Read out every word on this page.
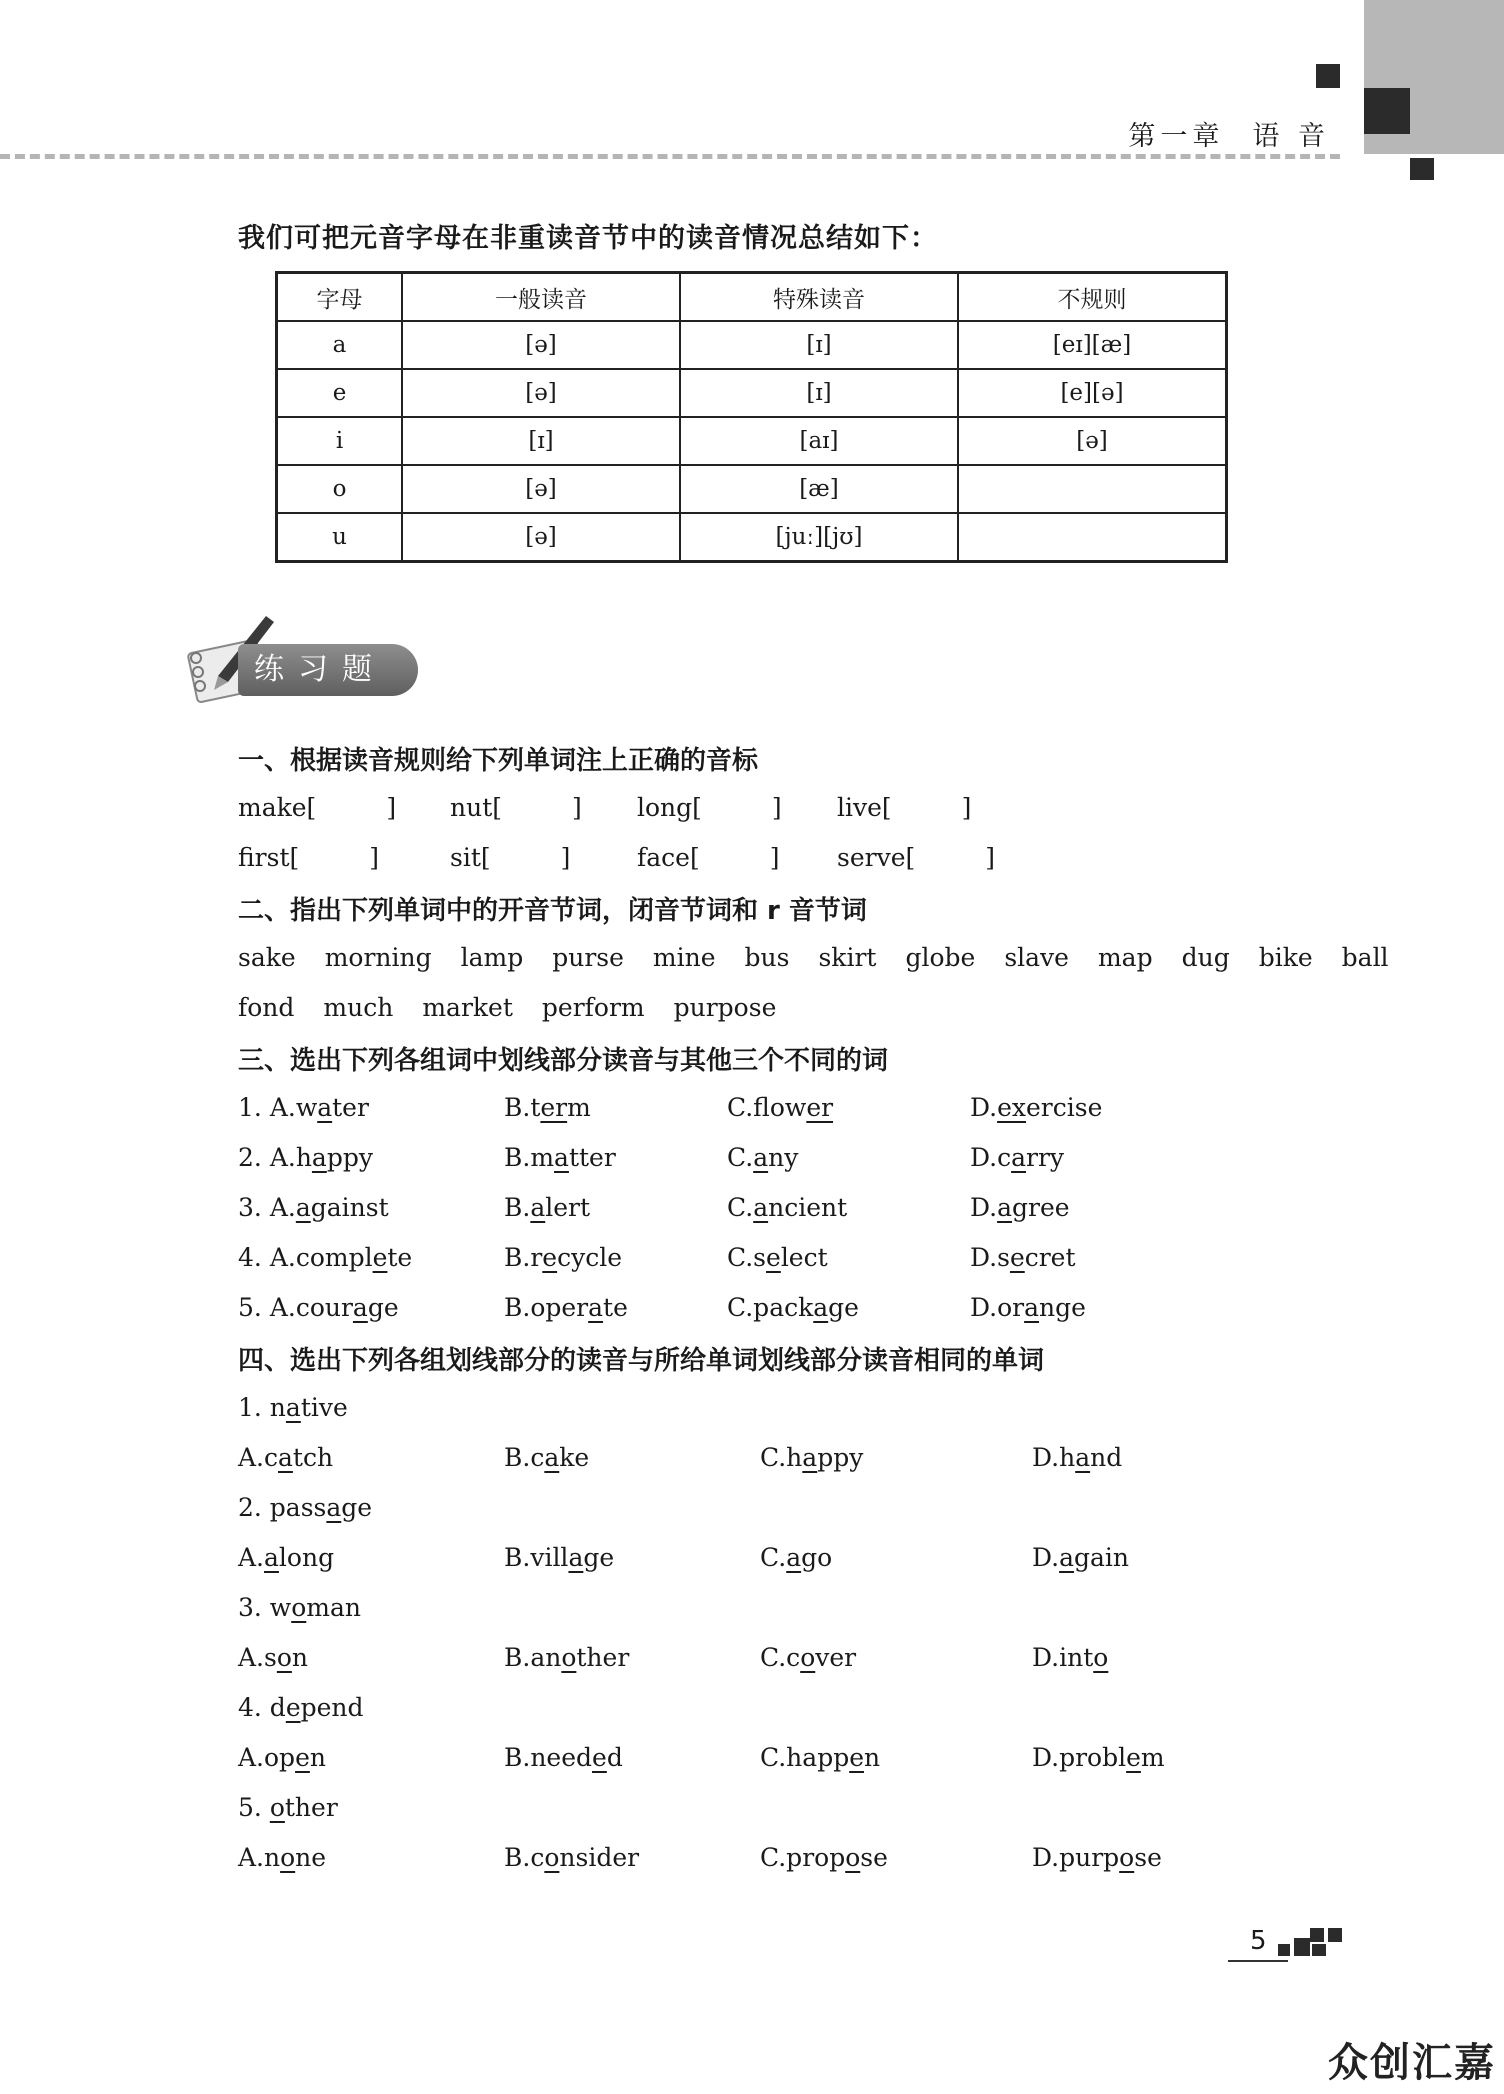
第一章 语 音
我们可把元音字母在非重读音节中的读音情况总结如下：
字母	一般读音	特殊读音	不规则
a	[ə]	[ɪ]	[eɪ][æ]
e	[ə]	[ɪ]	[e][ə]
i	[ɪ]	[aɪ]	[ə]
o	[ə]	[æ]	
u	[ə]	[juː][jʊ]	
练习题
一、根据读音规则给下列单词注上正确的音标
make[	] nut[	] long[	] live[	]
first[	]	sit[	]	face[	] serve[	]
二、指出下列单词中的开音节词，闭音节词和 r 音节词
sake morning lamp purse mine bus skirt globe slave map dug bike ball
fond much market perform purpose
三、选出下列各组词中划线部分读音与其他三个不同的词
1. A.water	B.term	C.flower	D.exercise
2. A.happy	B.matter	C.any	D.carry
3. A.against	B.alert	C.ancient	D.agree
4. A.complete	B.recycle	C.select	D.secret
5. A.courage	B.operate	C.package	D.orange
四、选出下列各组划线部分的读音与所给单词划线部分读音相同的单词
1. native
A.catch	B.cake	C.happy	D.hand
2. passage
A.along	B.village	C.ago	D.again
3. woman
A.son	B.another	C.cover	D.into
4. depend
A.open	B.needed	C.happen	D.problem
5. other
A.none	B.consider	C.propose	D.purpose
5
众创汇嘉
